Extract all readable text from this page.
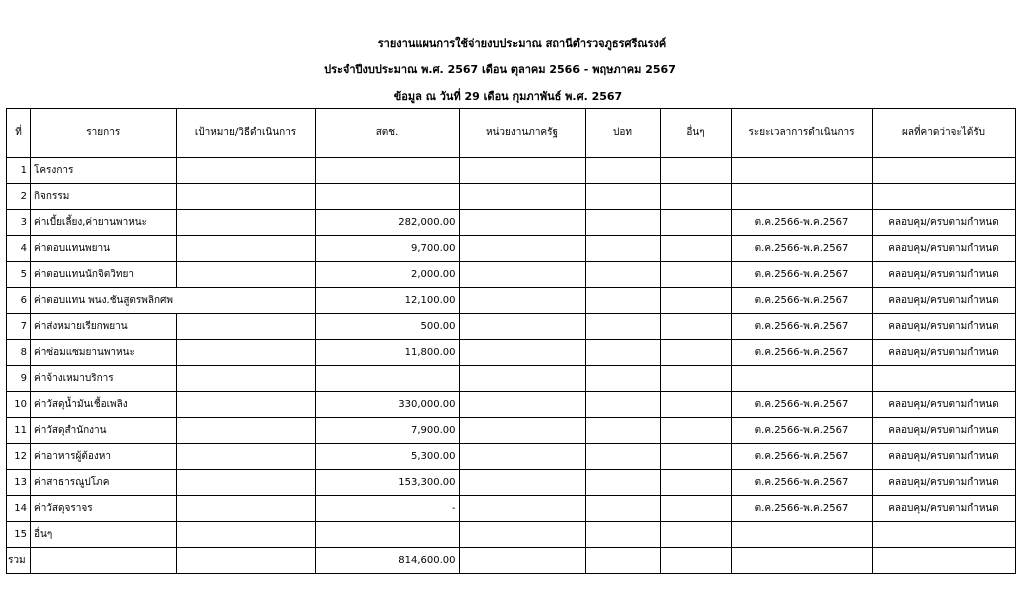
รายงานแผนการใช้จ่ายงบประมาณ สถานีตำรวจภูธรศรีณรงค์
ประจำปีงบประมาณ พ.ศ. 2567 เดือน ตุลาคม 2566 - พฤษภาคม 2567
ข้อมูล ณ วันที่ 29 เดือน กุมภาพันธ์ พ.ศ. 2567
ที่	รายการ	เป้าหมาย/วิธีดำเนินการ	สตช.	หน่วยงานภาครัฐ	ปอท	อื่นๆ	ระยะเวลาการดำเนินการ	ผลที่คาดว่าจะได้รับ
1	โครงการ							
2	กิจกรรม							
3	ค่าเบี้ยเลี้ยง,ค่ายานพาหนะ		282,000.00				ต.ค.2566-พ.ค.2567	คลอบคุม/ครบตามกำหนด
4	ค่าตอบแทนพยาน		9,700.00				ต.ค.2566-พ.ค.2567	คลอบคุม/ครบตามกำหนด
5	ค่าตอบแทนนักจิตวิทยา		2,000.00				ต.ค.2566-พ.ค.2567	คลอบคุม/ครบตามกำหนด
6	ค่าตอบแทน พนง.ชันสูตรพลิกศพ		12,100.00				ต.ค.2566-พ.ค.2567	คลอบคุม/ครบตามกำหนด
7	ค่าส่งหมายเรียกพยาน		500.00				ต.ค.2566-พ.ค.2567	คลอบคุม/ครบตามกำหนด
8	ค่าซ่อมแซมยานพาหนะ		11,800.00				ต.ค.2566-พ.ค.2567	คลอบคุม/ครบตามกำหนด
9	ค่าจ้างเหมาบริการ							
10	ค่าวัสดุน้ำมันเชื้อเพลิง		330,000.00				ต.ค.2566-พ.ค.2567	คลอบคุม/ครบตามกำหนด
11	ค่าวัสดุสำนักงาน		7,900.00				ต.ค.2566-พ.ค.2567	คลอบคุม/ครบตามกำหนด
12	ค่าอาหารผู้ต้องหา		5,300.00				ต.ค.2566-พ.ค.2567	คลอบคุม/ครบตามกำหนด
13	ค่าสาธารณูปโภค		153,300.00				ต.ค.2566-พ.ค.2567	คลอบคุม/ครบตามกำหนด
14	ค่าวัสดุจราจร		-				ต.ค.2566-พ.ค.2567	คลอบคุม/ครบตามกำหนด
15	อื่นๆ							
รวม			814,600.00					
